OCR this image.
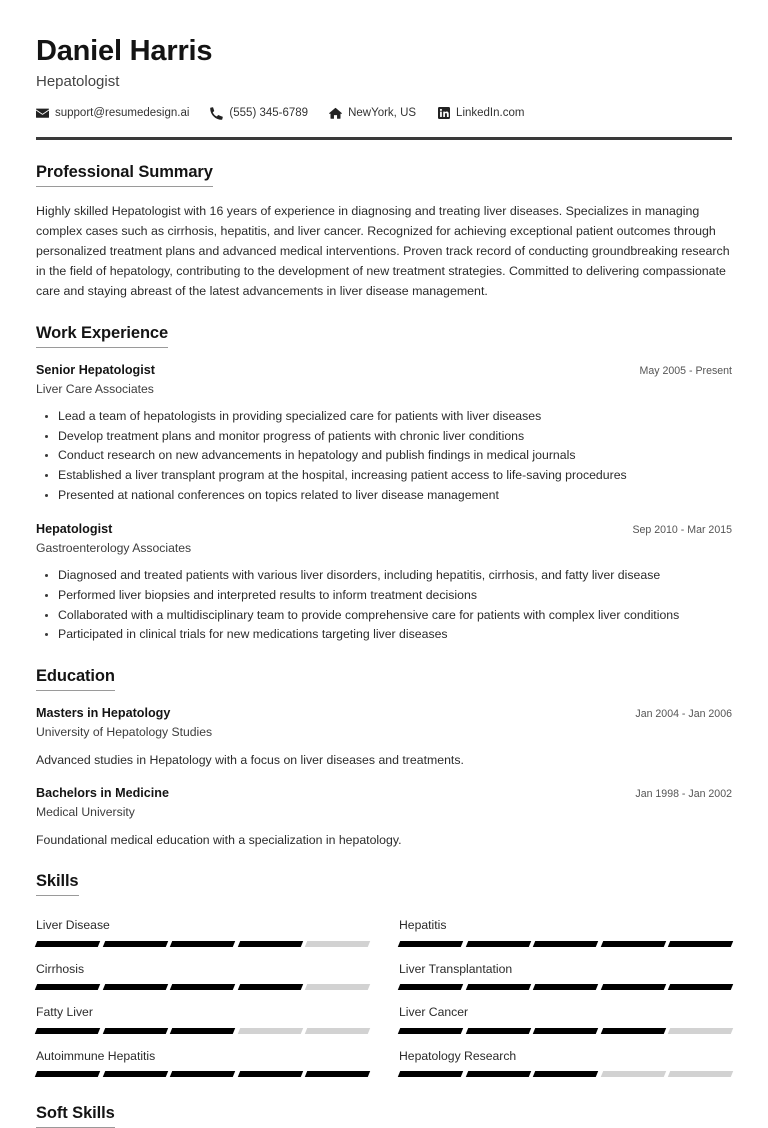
Daniel Harris
Hepatologist
support@resumedesign.ai	(555) 345-6789	NewYork, US	LinkedIn.com
Professional Summary
Highly skilled Hepatologist with 16 years of experience in diagnosing and treating liver diseases. Specializes in managing complex cases such as cirrhosis, hepatitis, and liver cancer. Recognized for achieving exceptional patient outcomes through personalized treatment plans and advanced medical interventions. Proven track record of conducting groundbreaking research in the field of hepatology, contributing to the development of new treatment strategies. Committed to delivering compassionate care and staying abreast of the latest advancements in liver disease management.
Work Experience
Senior Hepatologist	May 2005 - Present
Liver Care Associates
Lead a team of hepatologists in providing specialized care for patients with liver diseases
Develop treatment plans and monitor progress of patients with chronic liver conditions
Conduct research on new advancements in hepatology and publish findings in medical journals
Established a liver transplant program at the hospital, increasing patient access to life-saving procedures
Presented at national conferences on topics related to liver disease management
Hepatologist	Sep 2010 - Mar 2015
Gastroenterology Associates
Diagnosed and treated patients with various liver disorders, including hepatitis, cirrhosis, and fatty liver disease
Performed liver biopsies and interpreted results to inform treatment decisions
Collaborated with a multidisciplinary team to provide comprehensive care for patients with complex liver conditions
Participated in clinical trials for new medications targeting liver diseases
Education
Masters in Hepatology	Jan 2004 - Jan 2006
University of Hepatology Studies
Advanced studies in Hepatology with a focus on liver diseases and treatments.
Bachelors in Medicine	Jan 1998 - Jan 2002
Medical University
Foundational medical education with a specialization in hepatology.
Skills
Liver Disease	Hepatitis
Cirrhosis	Liver Transplantation
Fatty Liver	Liver Cancer
Autoimmune Hepatitis	Hepatology Research
Soft Skills
